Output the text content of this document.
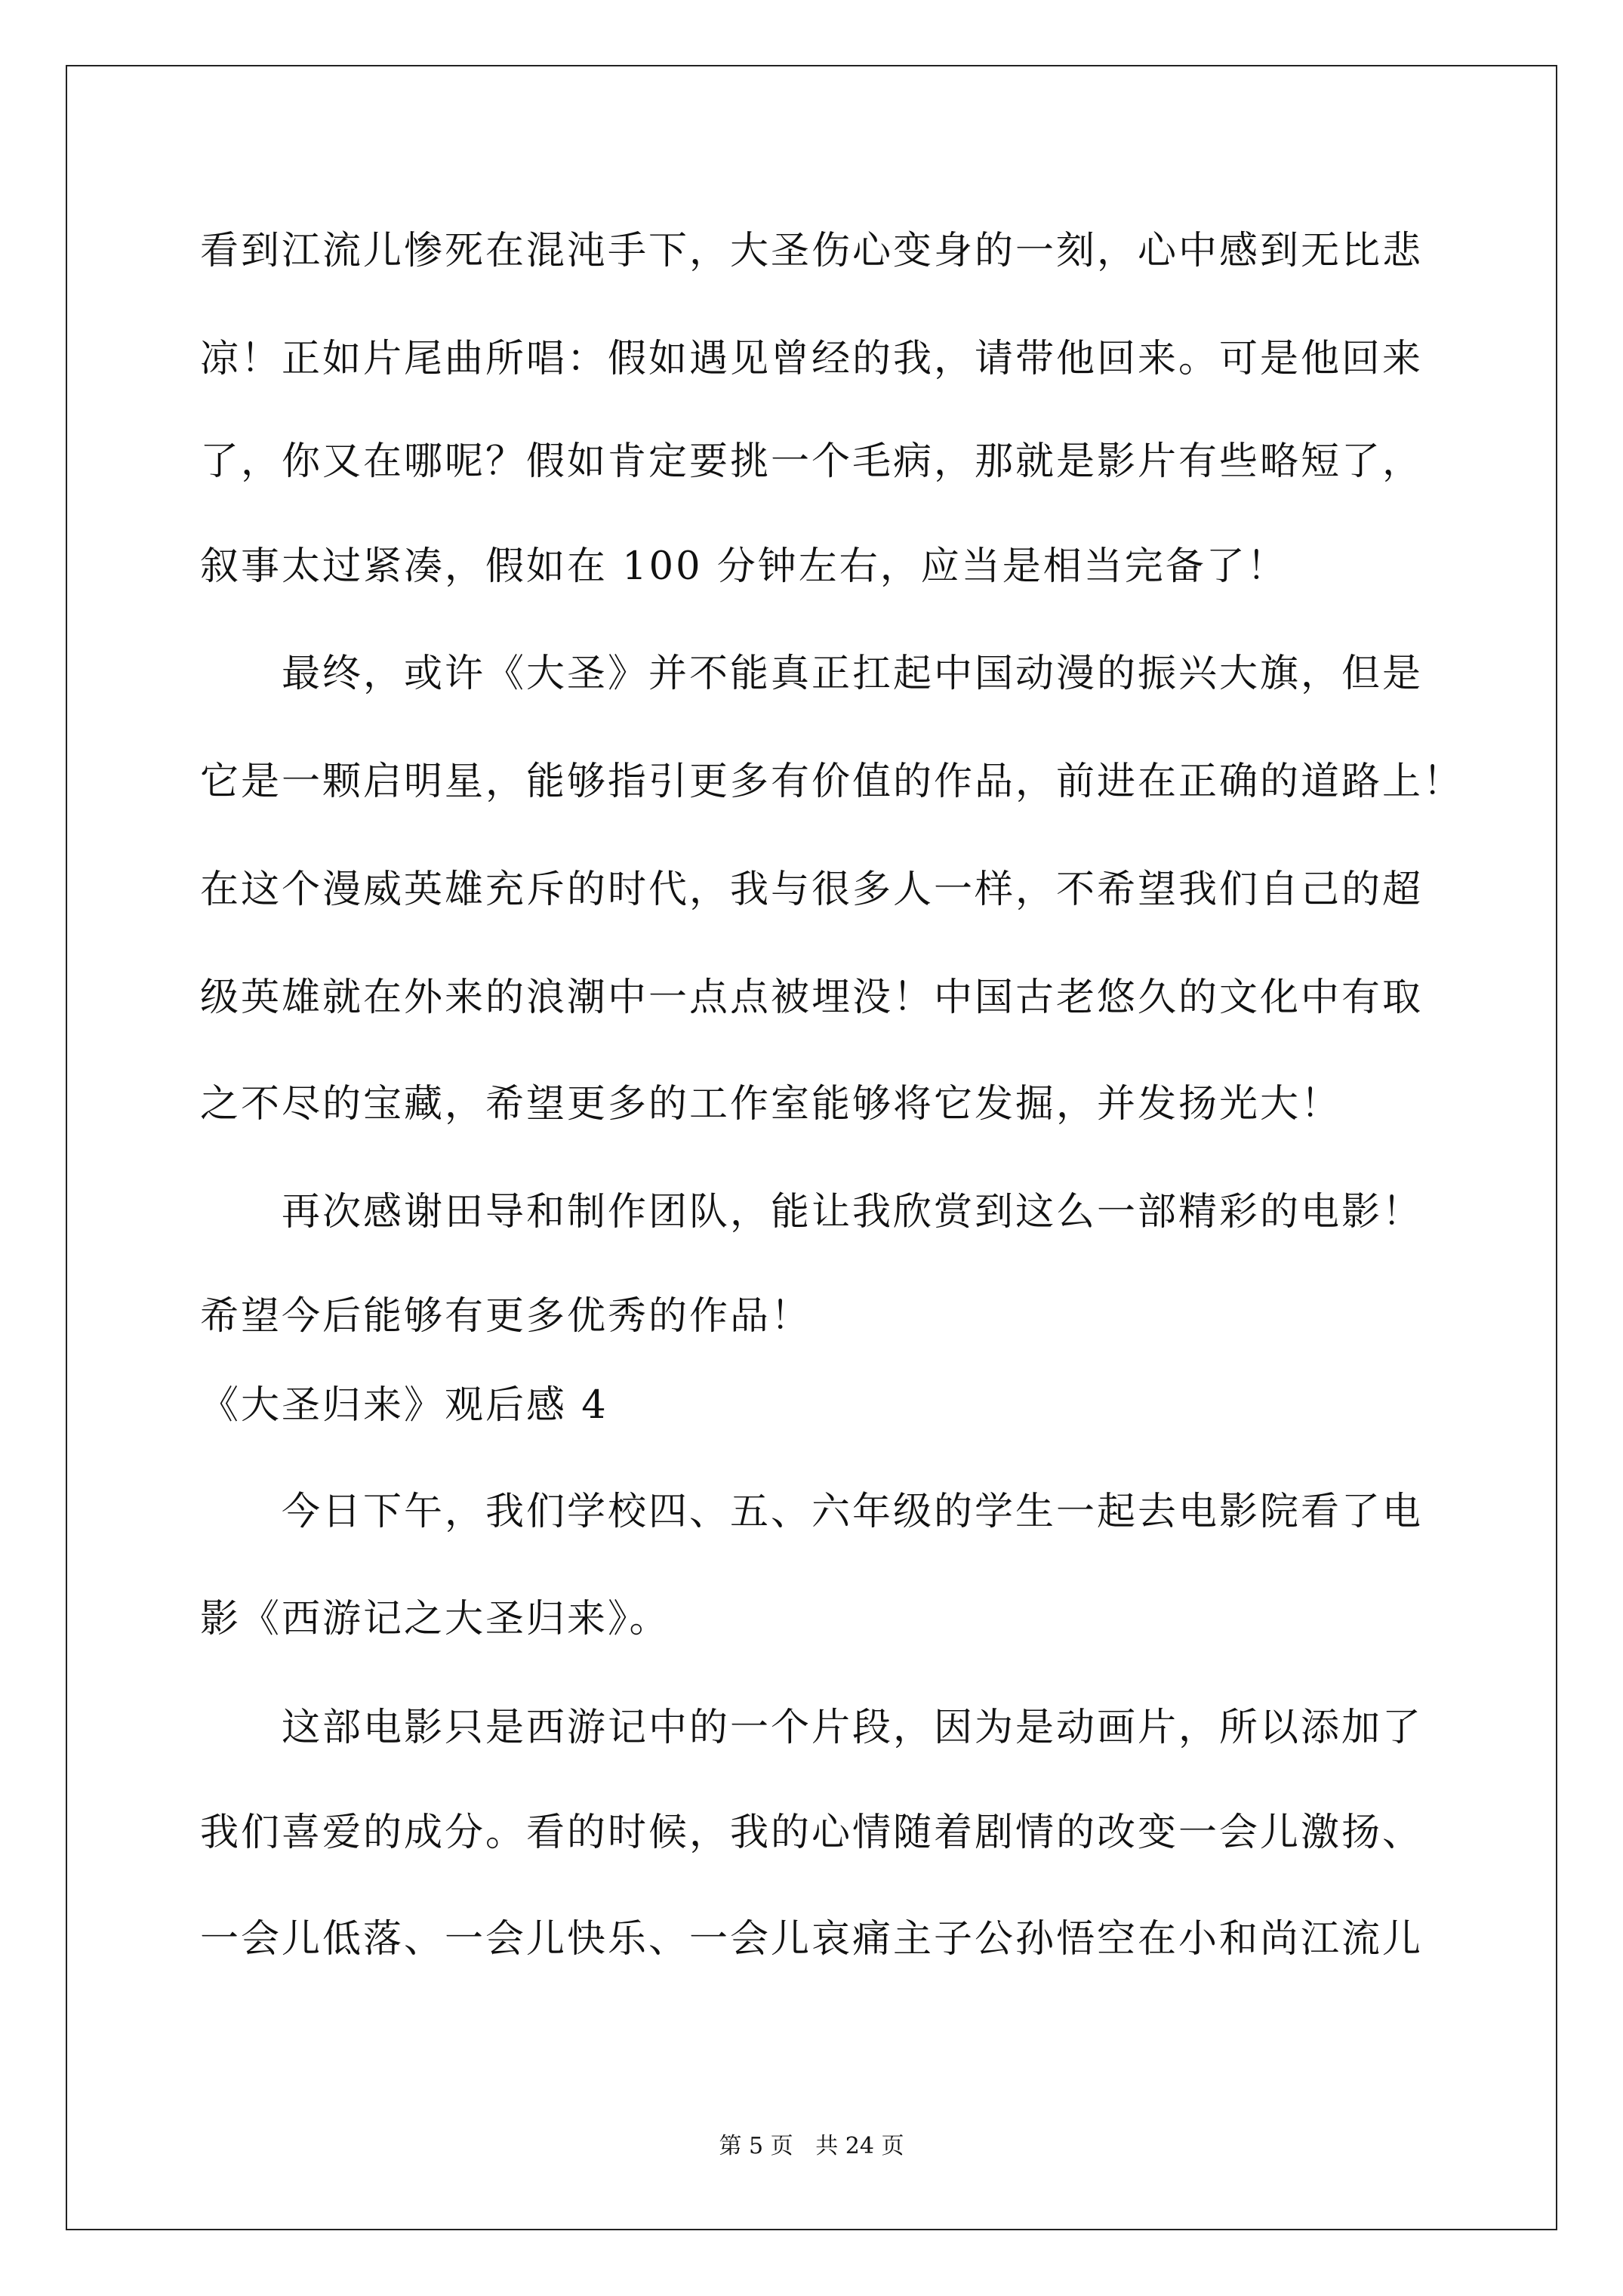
看到江流儿惨死在混沌手下，大圣伤心变身的一刻，心中感到无比悲
凉！正如片尾曲所唱：假如遇见曾经的我，请带他回来。可是他回来
了，你又在哪呢？假如肯定要挑一个毛病，那就是影片有些略短了，
叙事太过紧凑，假如在 100 分钟左右，应当是相当完备了！
　　最终，或许《大圣》并不能真正扛起中国动漫的振兴大旗，但是
它是一颗启明星，能够指引更多有价值的作品，前进在正确的道路上！
在这个漫威英雄充斥的时代，我与很多人一样，不希望我们自己的超
级英雄就在外来的浪潮中一点点被埋没！中国古老悠久的文化中有取
之不尽的宝藏，希望更多的工作室能够将它发掘，并发扬光大！
　　再次感谢田导和制作团队，能让我欣赏到这么一部精彩的电影！
希望今后能够有更多优秀的作品！
《大圣归来》观后感 4
　　今日下午，我们学校四、五、六年级的学生一起去电影院看了电
影《西游记之大圣归来》。
　　这部电影只是西游记中的一个片段，因为是动画片，所以添加了
我们喜爱的成分。看的时候，我的心情随着剧情的改变一会儿激扬、
一会儿低落、一会儿快乐、一会儿哀痛主子公孙悟空在小和尚江流儿
第 5 页 共 24 页
